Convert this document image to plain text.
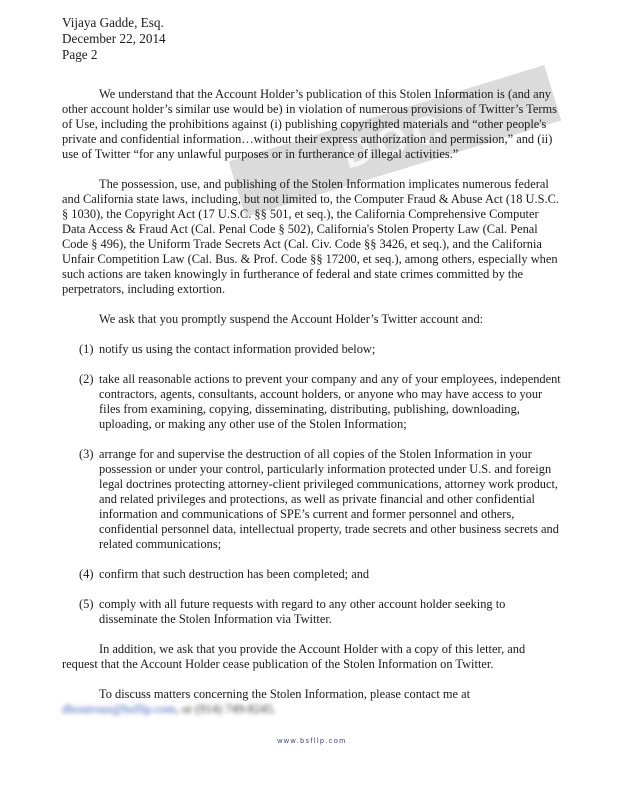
DOC
Vijaya Gadde, Esq.
December 22, 2014
Page 2

We understand that the Account Holder’s publication of this Stolen Information is (and any other account holder’s similar use would be) in violation of numerous provisions of Twitter’s Terms of Use, including the prohibitions against (i) publishing copyrighted materials and “other people's private and confidential information…without their express authorization and permission,” and (ii) use of Twitter “for any unlawful purposes or in furtherance of illegal activities.”

The possession, use, and publishing of the Stolen Information implicates numerous federal and California state laws, including, but not limited to, the Computer Fraud & Abuse Act (18 U.S.C. § 1030), the Copyright Act (17 U.S.C. §§ 501, et seq.), the California Comprehensive Computer Data Access & Fraud Act (Cal. Penal Code § 502), California's Stolen Property Law (Cal. Penal Code § 496), the Uniform Trade Secrets Act (Cal. Civ. Code §§ 3426, et seq.), and the California Unfair Competition Law (Cal. Bus. & Prof. Code §§ 17200, et seq.), among others, especially when such actions are taken knowingly in furtherance of federal and state crimes committed by the perpetrators, including extortion.

We ask that you promptly suspend the Account Holder’s Twitter account and:

(1) notify us using the contact information provided below;
(2) take all reasonable actions to prevent your company and any of your employees, independent contractors, agents, consultants, account holders, or anyone who may have access to your files from examining, copying, disseminating, distributing, publishing, downloading, uploading, or making any other use of the Stolen Information;
(3) arrange for and supervise the destruction of all copies of the Stolen Information in your possession or under your control, particularly information protected under U.S. and foreign legal doctrines protecting attorney-client privileged communications, attorney work product, and related privileges and protections, as well as private financial and other confidential information and communications of SPE’s current and former personnel and others, confidential personnel data, intellectual property, trade secrets and other business secrets and related communications;
(4) confirm that such destruction has been completed; and
(5) comply with all future requests with regard to any other account holder seeking to disseminate the Stolen Information via Twitter.

In addition, we ask that you provide the Account Holder with a copy of this letter, and request that the Account Holder cease publication of the Stolen Information on Twitter.

To discuss matters concerning the Stolen Information, please contact me at

dboutrous@bsfllp.com , or (914) 749-8245.
www.bsfllp.com
